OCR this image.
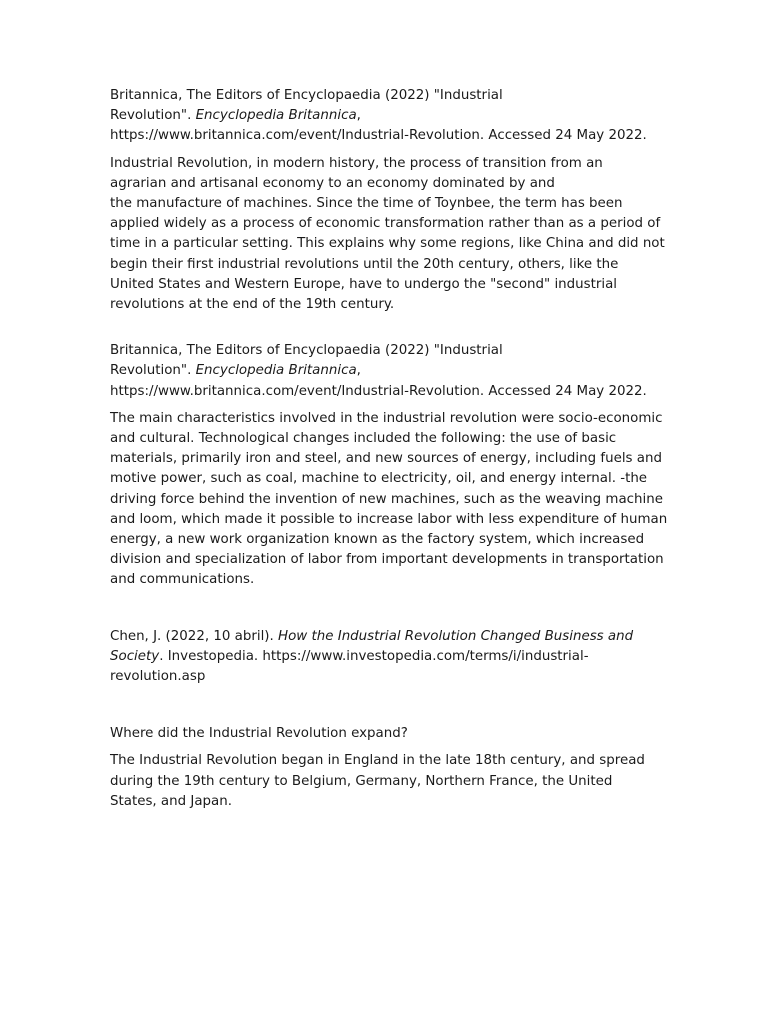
Britannica, The Editors of Encyclopaedia (2022) "Industrial
Revolution". Encyclopedia Britannica,
https://www.britannica.com/event/Industrial-Revolution. Accessed 24 May 2022.

Industrial Revolution, in modern history, the process of transition from an
agrarian and artisanal economy to an economy dominated by and
the manufacture of machines. Since the time of Toynbee, the term has been
applied widely as a process of economic transformation rather than as a period of
time in a particular setting. This explains why some regions, like China and did not
begin their first industrial revolutions until the 20th century, others, like the
United States and Western Europe, have to undergo the "second" industrial
revolutions at the end of the 19th century.

Britannica, The Editors of Encyclopaedia (2022) "Industrial
Revolution". Encyclopedia Britannica,
https://www.britannica.com/event/Industrial-Revolution. Accessed 24 May 2022.

The main characteristics involved in the industrial revolution were socio-economic
and cultural. Technological changes included the following: the use of basic
materials, primarily iron and steel, and new sources of energy, including fuels and
motive power, such as coal, machine to electricity, oil, and energy internal. -the
driving force behind the invention of new machines, such as the weaving machine
and loom, which made it possible to increase labor with less expenditure of human
energy, a new work organization known as the factory system, which increased
division and specialization of labor from important developments in transportation
and communications.

Chen, J. (2022, 10 abril). How the Industrial Revolution Changed Business and
Society. Investopedia. https://www.investopedia.com/terms/i/industrial-
revolution.asp

Where did the Industrial Revolution expand?

The Industrial Revolution began in England in the late 18th century, and spread
during the 19th century to Belgium, Germany, Northern France, the United
States, and Japan.
